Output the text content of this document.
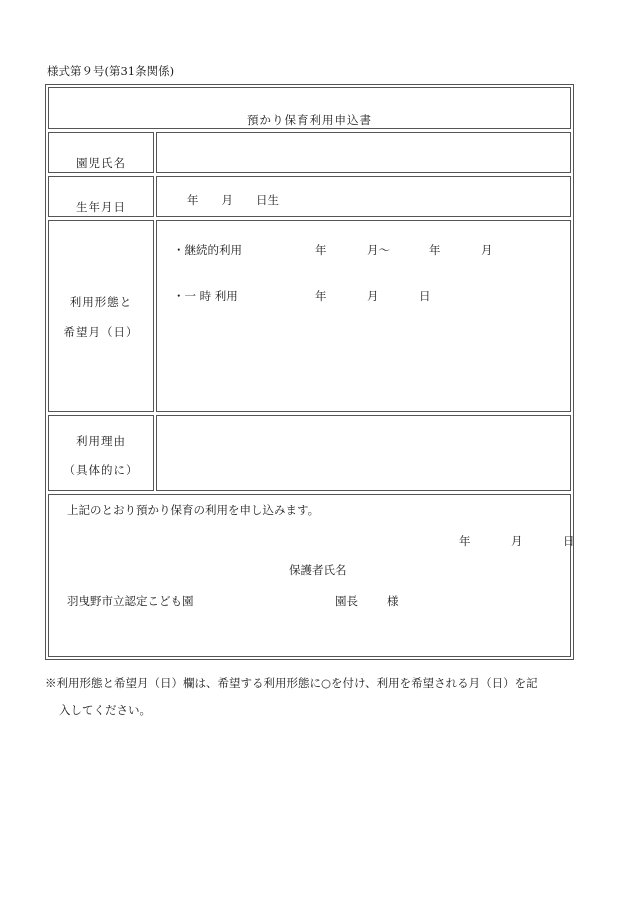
様式第９号(第31条関係)
預かり保育利用申込書
園児氏名
生年月日	年　　月　　日生
利用形態と
希望月（日）
・継続的利用	年	月～	年	月
・一 時 利用	年	月	日
利用理由
（具体的に）
上記のとおり預かり保育の利用を申し込みます。
年	月	日
保護者氏名
羽曳野市立認定こども園	園長	様
※利用形態と希望月（日）欄は、希望する利用形態に○を付け、利用を希望される月（日）を記
入してください。
